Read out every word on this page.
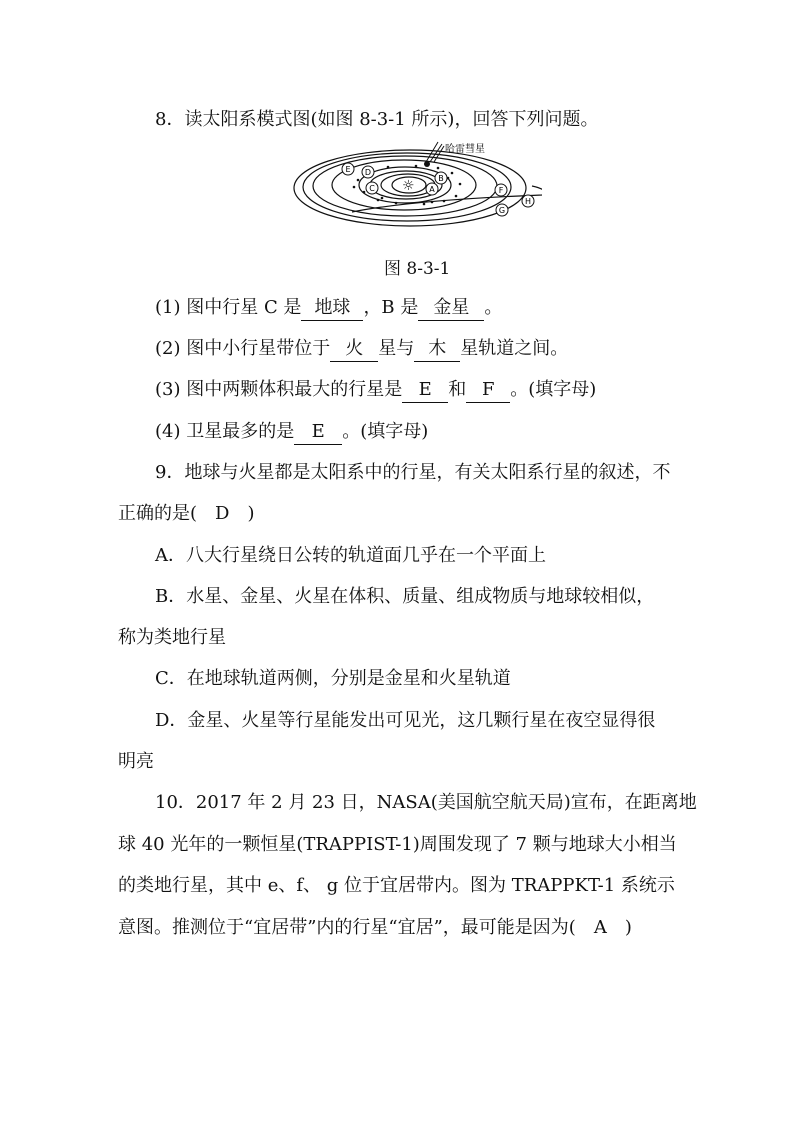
8．读太阳系模式图(如图 8-3-1 所示)，回答下列问题。
☼
哈雷彗星
A
B
C
D
E
F
G
H
图 8-3-1
(1) 图中行星 C 是 地球 ，B 是 金星 。
(2) 图中小行星带位于 火 星与 木 星轨道之间。
(3) 图中两颗体积最大的行星是 E 和 F 。(填字母)
(4) 卫星最多的是 E 。(填字母)
9．地球与火星都是太阳系中的行星，有关太阳系行星的叙述，不
正确的是(　D　)
A．八大行星绕日公转的轨道面几乎在一个平面上
B．水星、金星、火星在体积、质量、组成物质与地球较相似，
称为类地行星
C．在地球轨道两侧，分别是金星和火星轨道
D．金星、火星等行星能发出可见光，这几颗行星在夜空显得很
明亮
10．2017 年 2 月 23 日，NASA(美国航空航天局)宣布，在距离地
球 40 光年的一颗恒星(TRAPPIST-1)周围发现了 7 颗与地球大小相当
的类地行星，其中 e、f、 g 位于宜居带内。图为 TRAPPKT-1 系统示
意图。推测位于“宜居带”内的行星“宜居”，最可能是因为(　A　)
